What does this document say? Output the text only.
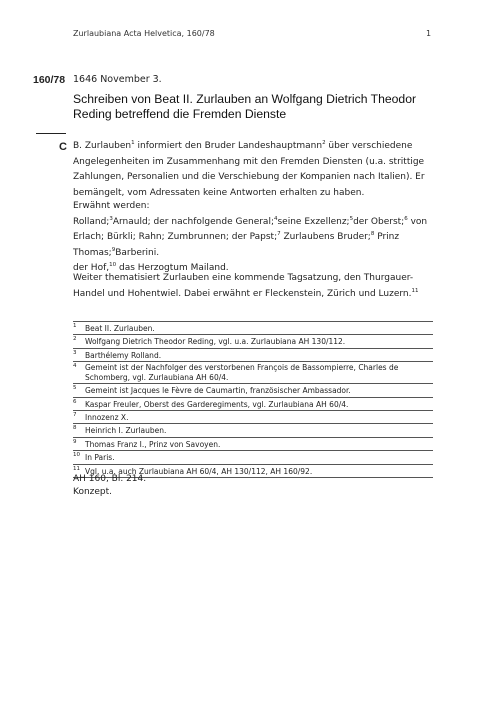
Zurlaubiana Acta Helvetica, 160/78	1
160/78 1646 November 3.
Schreiben von Beat II. Zurlauben an Wolfgang Dietrich Theodor Reding betreffend die Fremden Dienste
C B. Zurlauben$^1$ informiert den Bruder Landeshauptmann$^2$ über verschiedene Angelegenheiten im Zusammenhang mit den Fremden Diensten (u.a. strittige Zahlungen, Personalien und die Verschiebung der Kompanien nach Italien). Er bemängelt, vom Adressaten keine Antworten erhalten zu haben.
Erwähnt werden:
Rolland;$^3$Arnauld; der nachfolgende General;$^4$seine Exzellenz;$^5$der Oberst;$^6$ von Erlach; Bürkli; Rahn; Zumbrunnen; der Papst;$^7$ Zurlaubens Bruder;$^8$ Prinz Thomas;$^9$Barberini.
der Hof,$^{10}$ das Herzogtum Mailand.
Weiter thematisiert Zurlauben eine kommende Tagsatzung, den Thurgauer-Handel und Hohentwiel. Dabei erwähnt er Fleckenstein, Zürich und Luzern.$^{11}$
1	Beat II. Zurlauben.
2	Wolfgang Dietrich Theodor Reding, vgl. u.a. Zurlaubiana AH 130/112.
3	Barthélemy Rolland.
4	Gemeint ist der Nachfolger des verstorbenen François de Bassompierre, Charles de Schomberg, vgl. Zurlaubiana AH 60/4.
5	Gemeint ist Jacques le Fèvre de Caumartin, französischer Ambassador.
6	Kaspar Freuler, Oberst des Garderegiments, vgl. Zurlaubiana AH 60/4.
7	Innozenz X.
8	Heinrich I. Zurlauben.
9	Thomas Franz I., Prinz von Savoyen.
10 In Paris.
11 Vgl. u.a. auch Zurlaubiana AH 60/4, AH 130/112, AH 160/92.
AH 160, Bl. 214.
Konzept.
